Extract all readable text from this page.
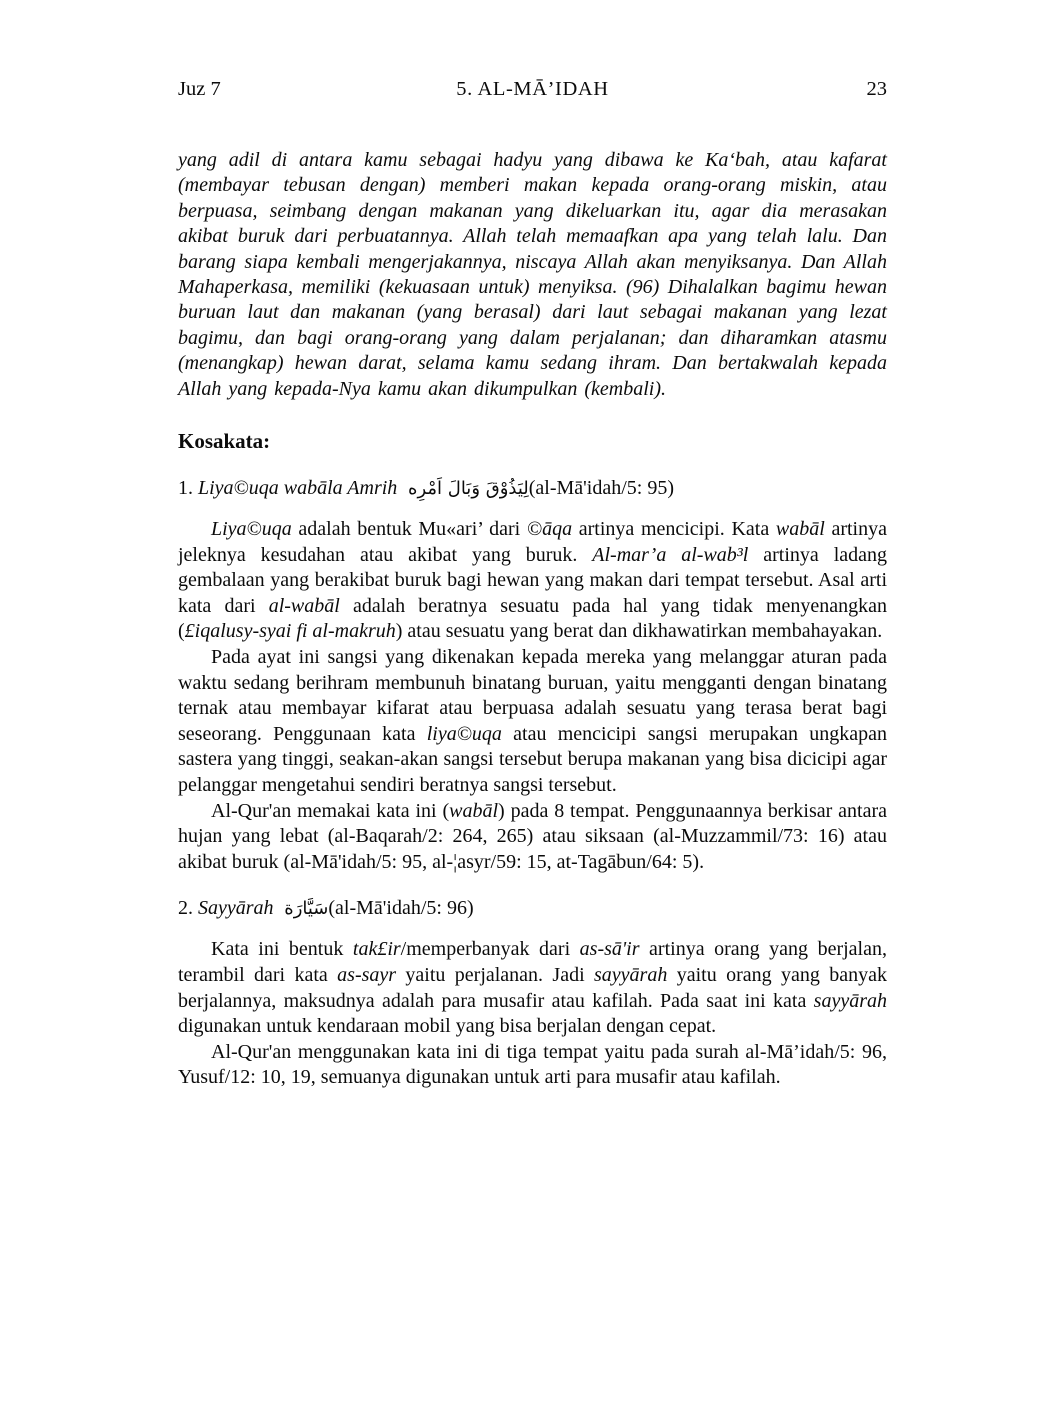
Juz 7	5. AL-MĀ’IDAH	23

yang adil di antara kamu sebagai hadyu yang dibawa ke Ka‘bah, atau kafarat (membayar tebusan dengan) memberi makan kepada orang-orang miskin, atau berpuasa, seimbang dengan makanan yang dikeluarkan itu, agar dia merasakan akibat buruk dari perbuatannya. Allah telah memaafkan apa yang telah lalu. Dan barang siapa kembali mengerjakannya, niscaya Allah akan menyiksanya. Dan Allah Mahaperkasa, memiliki (kekuasaan untuk) menyiksa. (96) Dihalalkan bagimu hewan buruan laut dan makanan (yang berasal) dari laut sebagai makanan yang lezat bagimu, dan bagi orang-orang yang dalam perjalanan; dan diharamkan atasmu (menangkap) hewan darat, selama kamu sedang ihram. Dan bertakwalah kepada Allah yang kepada-Nya kamu akan dikumpulkan (kembali).

Kosakata:

1. Liya©uqa wabāla Amrih لِيَذُوْقَ وَبَالَ اَمْرِه (al-Mā'idah/5: 95)

Liya©uqa adalah bentuk Mu«ari’ dari ©āqa artinya mencicipi. Kata wabāl artinya jeleknya kesudahan atau akibat yang buruk. Al-mar’a al-wab³l artinya ladang gembalaan yang berakibat buruk bagi hewan yang makan dari tempat tersebut. Asal arti kata dari al-wabāl adalah beratnya sesuatu pada hal yang tidak menyenangkan (£iqalusy-syai fi al-makruh) atau sesuatu yang berat dan dikhawatirkan membahayakan.

Pada ayat ini sangsi yang dikenakan kepada mereka yang melanggar aturan pada waktu sedang berihram membunuh binatang buruan, yaitu mengganti dengan binatang ternak atau membayar kifarat atau berpuasa adalah sesuatu yang terasa berat bagi seseorang. Penggunaan kata liya©uqa atau mencicipi sangsi merupakan ungkapan sastera yang tinggi, seakan-akan sangsi tersebut berupa makanan yang bisa dicicipi agar pelanggar mengetahui sendiri beratnya sangsi tersebut.

Al-Qur'an memakai kata ini (wabāl) pada 8 tempat. Penggunaannya berkisar antara hujan yang lebat (al-Baqarah/2: 264, 265) atau siksaan (al-Muzzammil/73: 16) atau akibat buruk (al-Mā'idah/5: 95, al-¦asyr/59: 15, at-Tagābun/64: 5).

2. Sayyārah سَيَّارَة (al-Mā'idah/5: 96)

Kata ini bentuk tak£ir/memperbanyak dari as-sā'ir artinya orang yang berjalan, terambil dari kata as-sayr yaitu perjalanan. Jadi sayyārah yaitu orang yang banyak berjalannya, maksudnya adalah para musafir atau kafilah. Pada saat ini kata sayyārah digunakan untuk kendaraan mobil yang bisa berjalan dengan cepat.

Al-Qur'an menggunakan kata ini di tiga tempat yaitu pada surah al-Mā’idah/5: 96, Yusuf/12: 10, 19, semuanya digunakan untuk arti para musafir atau kafilah.
